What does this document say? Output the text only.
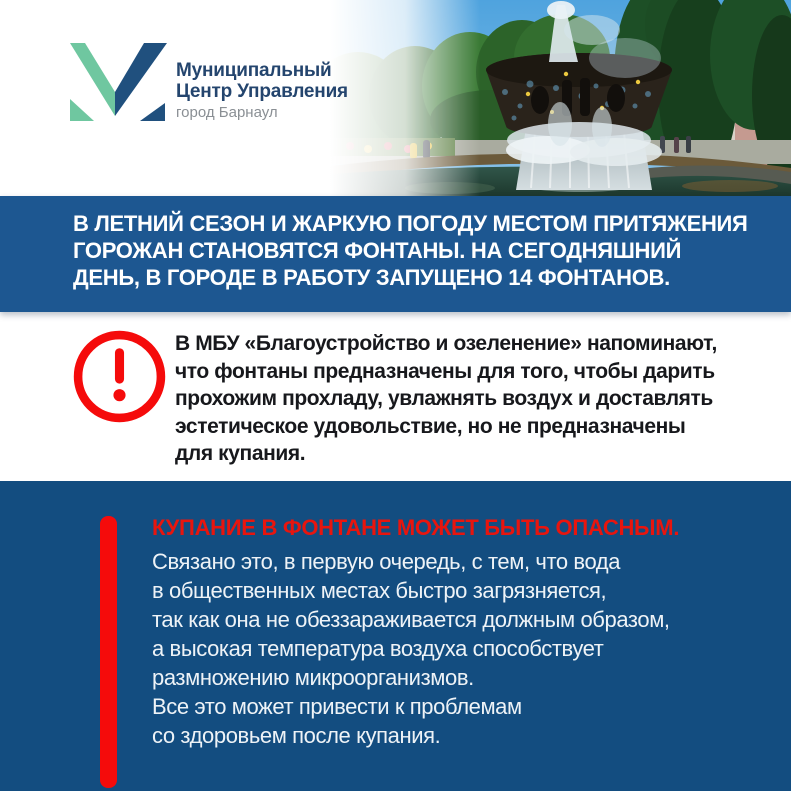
Муниципальный
Центр Управления
город Барнаул
В ЛЕТНИЙ СЕЗОН И ЖАРКУЮ ПОГОДУ МЕСТОМ ПРИТЯЖЕНИЯ
ГОРОЖАН СТАНОВЯТСЯ ФОНТАНЫ. НА СЕГОДНЯШНИЙ
ДЕНЬ, В ГОРОДЕ В РАБОТУ ЗАПУЩЕНО 14 ФОНТАНОВ.
В МБУ «Благоустройство и озеленение» напоминают,
что фонтаны предназначены для того, чтобы дарить
прохожим прохладу, увлажнять воздух и доставлять
эстетическое удовольствие, но не предназначены
для купания.
КУПАНИЕ В ФОНТАНЕ МОЖЕТ БЫТЬ ОПАСНЫМ.
Связано это, в первую очередь, с тем, что вода
в общественных местах быстро загрязняется,
так как она не обеззараживается должным образом,
а высокая температура воздуха способствует
размножению микроорганизмов.
Все это может привести к проблемам
со здоровьем после купания.
